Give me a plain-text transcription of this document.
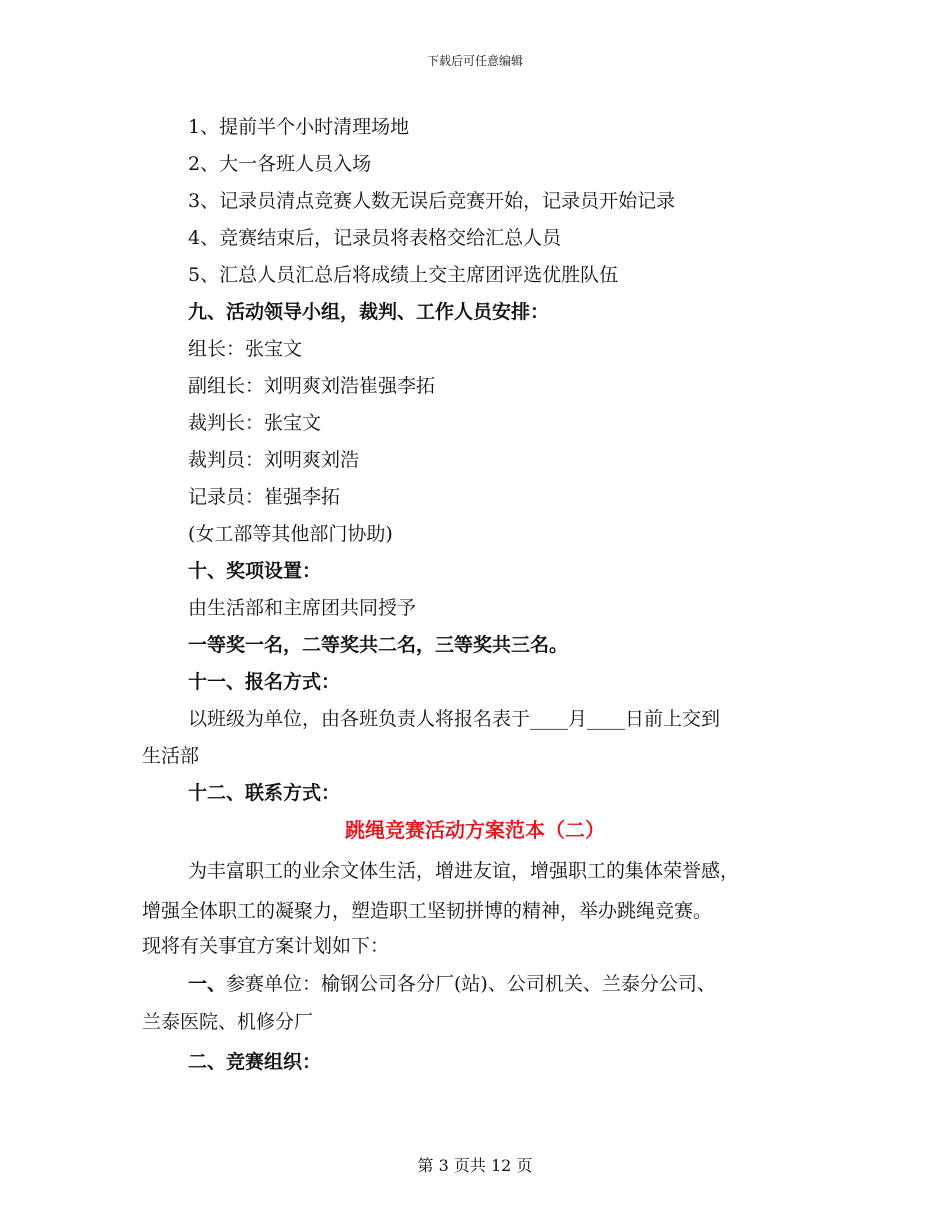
下载后可任意编辑
1、提前半个小时清理场地
2、大一各班人员入场
3、记录员清点竞赛人数无误后竞赛开始，记录员开始记录
4、竞赛结束后，记录员将表格交给汇总人员
5、汇总人员汇总后将成绩上交主席团评选优胜队伍
九、活动领导小组，裁判、工作人员安排：
组长：张宝文
副组长：刘明爽刘浩崔强李拓
裁判长：张宝文
裁判员：刘明爽刘浩
记录员：崔强李拓
(女工部等其他部门协助)
十、奖项设置：
由生活部和主席团共同授予
一等奖一名，二等奖共二名，三等奖共三名。
十一、报名方式：
以班级为单位，由各班负责人将报名表于____月____日前上交到
生活部
十二、联系方式：
跳绳竞赛活动方案范本（二）
为丰富职工的业余文体生活，增进友谊，增强职工的集体荣誉感，
增强全体职工的凝聚力，塑造职工坚韧拼博的精神，举办跳绳竞赛。
现将有关事宜方案计划如下：
一、参赛单位：榆钢公司各分厂(站)、公司机关、兰泰分公司、
兰泰医院、机修分厂
二、竞赛组织：
第 3 页共 12 页
